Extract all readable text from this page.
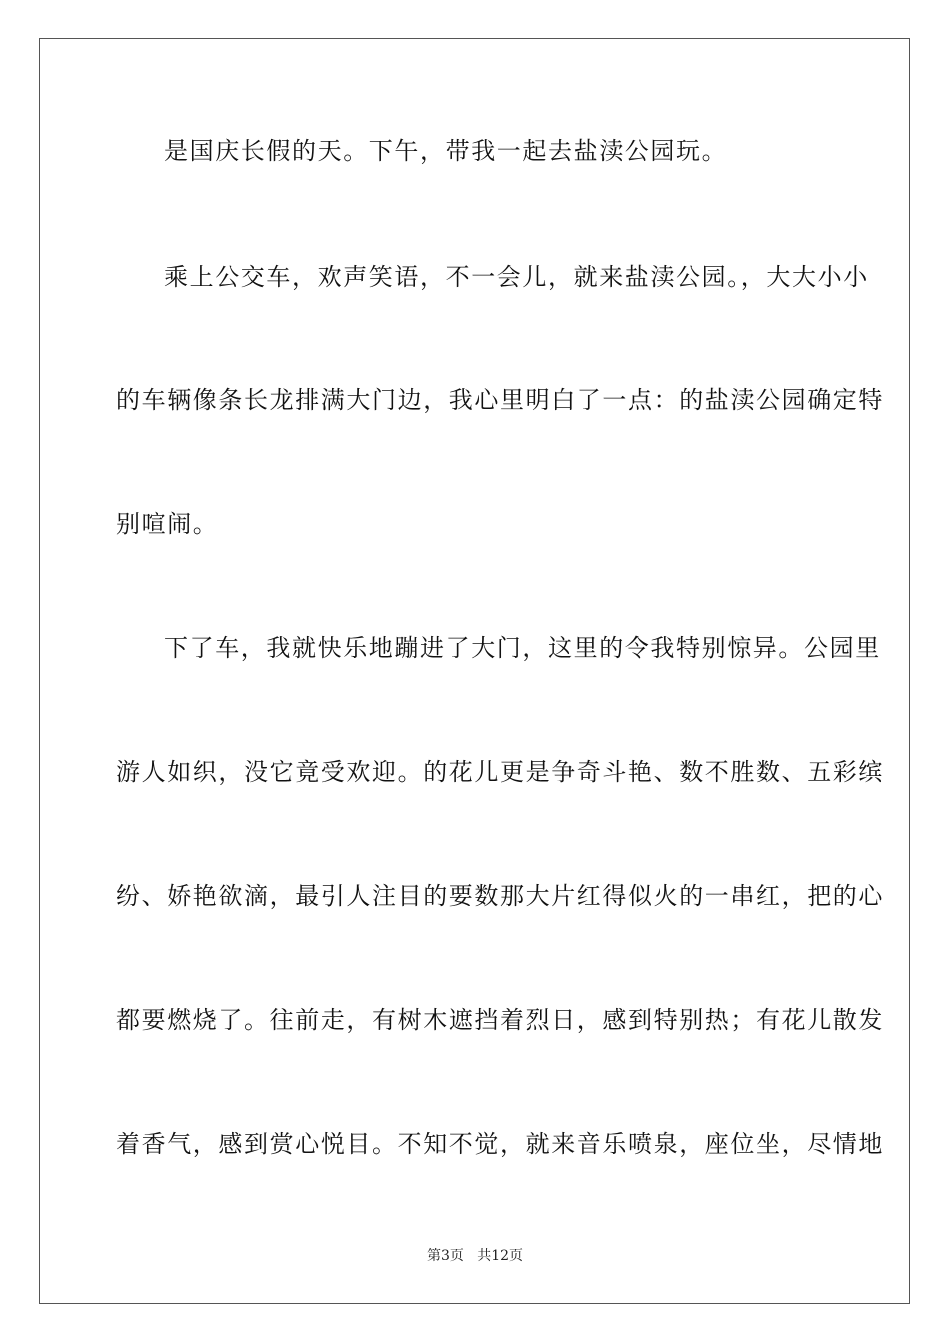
是国庆长假的天。下午，带我一起去盐渎公园玩。
乘上公交车，欢声笑语，不一会儿，就来盐渎公园。，大大小小
的车辆像条长龙排满大门边，我心里明白了一点：的盐渎公园确定特
别喧闹。
下了车，我就快乐地蹦进了大门，这里的令我特别惊异。公园里
游人如织，没它竟受欢迎。的花儿更是争奇斗艳、数不胜数、五彩缤
纷、娇艳欲滴，最引人注目的要数那大片红得似火的一串红，把的心
都要燃烧了。往前走，有树木遮挡着烈日，感到特别热；有花儿散发
着香气，感到赏心悦目。不知不觉，就来音乐喷泉，座位坐，尽情地
第3页   共12页
